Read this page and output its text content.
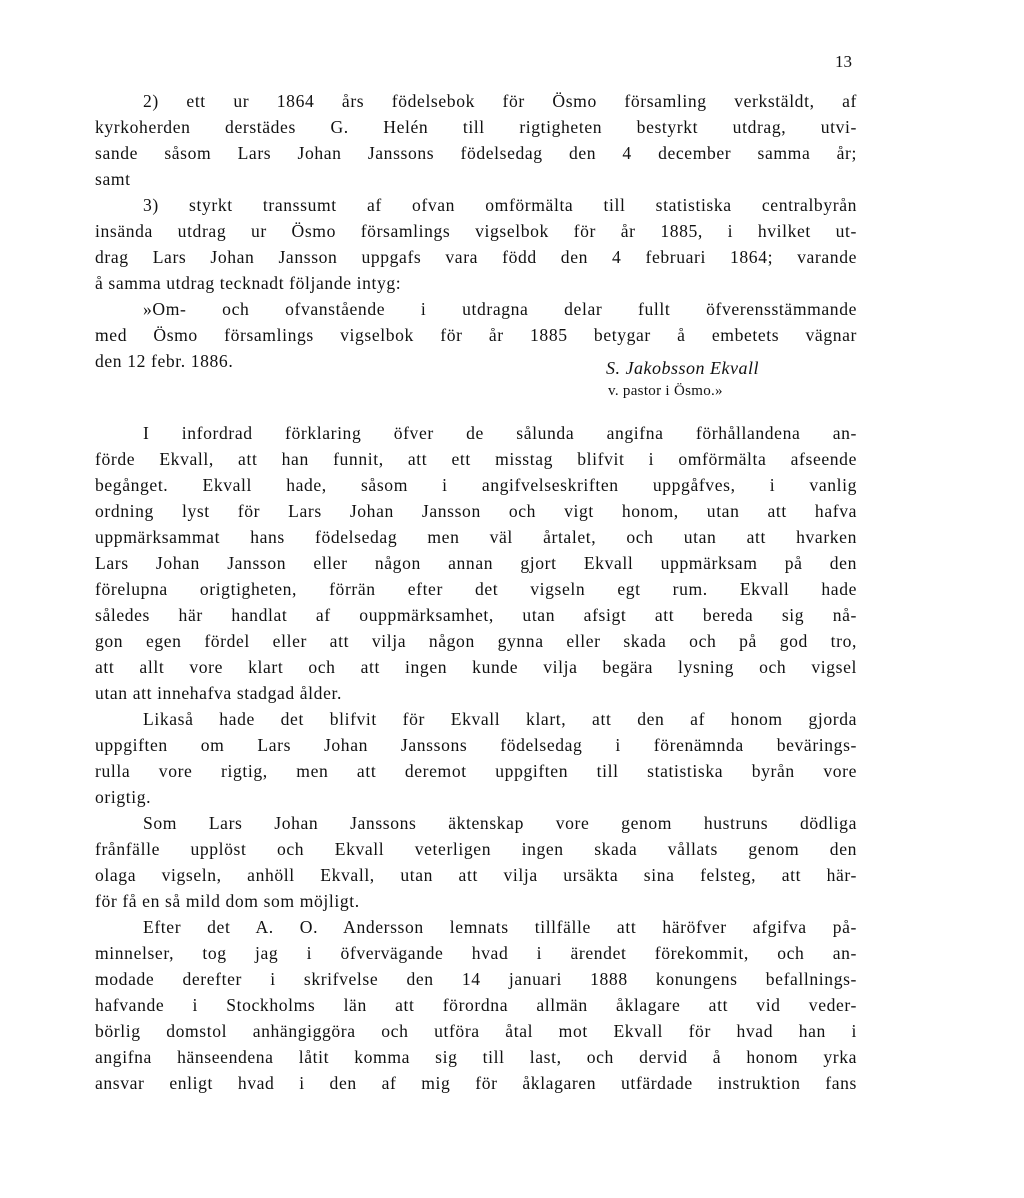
13
2) ett ur 1864 års födelsebok för Ösmo församling verkstäldt, af
kyrkoherden derstädes G. Helén till rigtigheten bestyrkt utdrag, utvi-
sande såsom Lars Johan Janssons födelsedag den 4 december samma år;
samt
3) styrkt transsumt af ofvan omförmälta till statistiska centralbyrån
insända utdrag ur Ösmo församlings vigselbok för år 1885, i hvilket ut-
drag Lars Johan Jansson uppgafs vara född den 4 februari 1864; varande
å samma utdrag tecknadt följande intyg:
»Om- och ofvanstående i utdragna delar fullt öfverensstämmande
med Ösmo församlings vigselbok för år 1885 betygar å embetets vägnar
den 12 febr. 1886.	S. Jakobsson Ekvall
v. pastor i Ösmo.»
I infordrad förklaring öfver de sålunda angifna förhållandena an-
förde Ekvall, att han funnit, att ett misstag blifvit i omförmälta afseende
begånget. Ekvall hade, såsom i angifvelseskriften uppgåfves, i vanlig
ordning lyst för Lars Johan Jansson och vigt honom, utan att hafva
uppmärksammat hans födelsedag men väl årtalet, och utan att hvarken
Lars Johan Jansson eller någon annan gjort Ekvall uppmärksam på den
förelupna origtigheten, förrän efter det vigseln egt rum. Ekvall hade
således här handlat af ouppmärksamhet, utan afsigt att bereda sig nå-
gon egen fördel eller att vilja någon gynna eller skada och på god tro,
att allt vore klart och att ingen kunde vilja begära lysning och vigsel
utan att innehafva stadgad ålder.
Likaså hade det blifvit för Ekvall klart, att den af honom gjorda
uppgiften om Lars Johan Janssons födelsedag i förenämnda bevärings-
rulla vore rigtig, men att deremot uppgiften till statistiska byrån vore
origtig.
Som Lars Johan Janssons äktenskap vore genom hustruns dödliga
frånfälle upplöst och Ekvall veterligen ingen skada vållats genom den
olaga vigseln, anhöll Ekvall, utan att vilja ursäkta sina felsteg, att här-
för få en så mild dom som möjligt.
Efter det A. O. Andersson lemnats tillfälle att häröfver afgifva på-
minnelser, tog jag i öfvervägande hvad i ärendet förekommit, och an-
modade derefter i skrifvelse den 14 januari 1888 konungens befallnings-
hafvande i Stockholms län att förordna allmän åklagare att vid veder-
börlig domstol anhängiggöra och utföra åtal mot Ekvall för hvad han i
angifna hänseendena låtit komma sig till last, och dervid å honom yrka
ansvar enligt hvad i den af mig för åklagaren utfärdade instruktion fans
